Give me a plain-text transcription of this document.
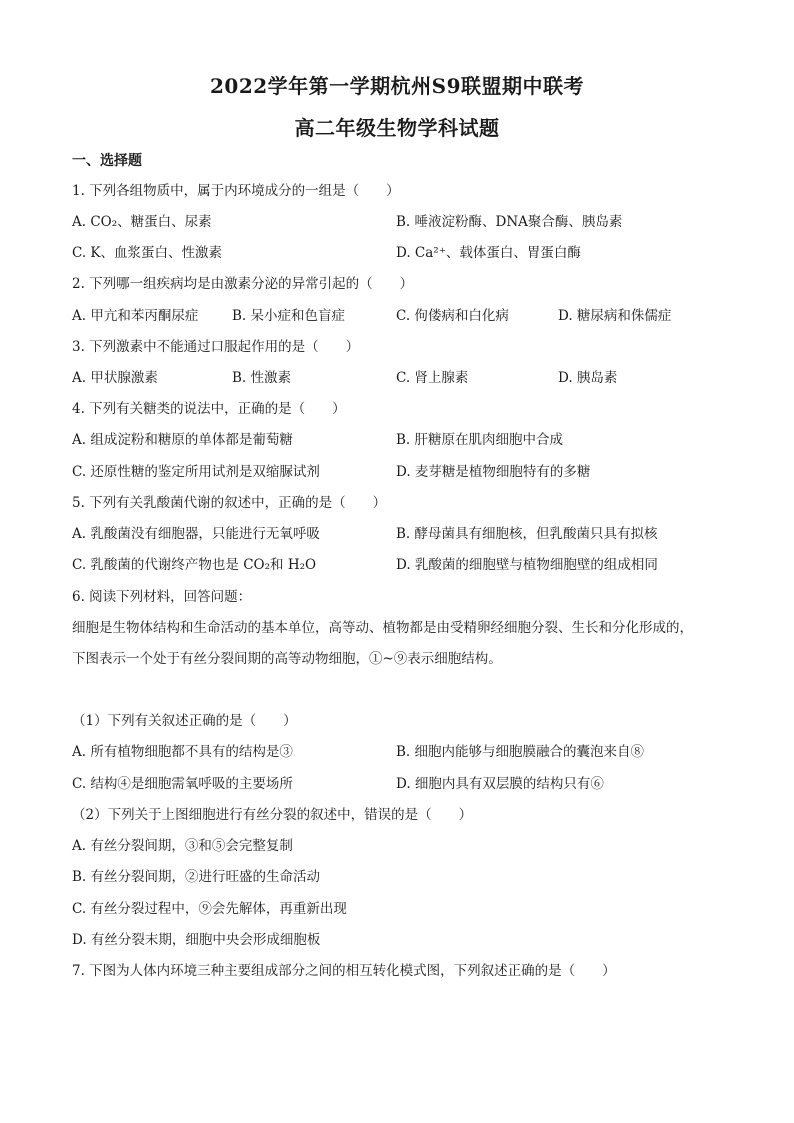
2022学年第一学期杭州S9联盟期中联考
高二年级生物学科试题
一、选择题
1. 下列各组物质中，属于内环境成分的一组是（　　）
A. CO₂、糖蛋白、尿素	B. 唾液淀粉酶、DNA聚合酶、胰岛素
C. K、血浆蛋白、性激素	D. Ca²⁺、载体蛋白、胃蛋白酶
2. 下列哪一组疾病均是由激素分泌的异常引起的（　　）
A. 甲亢和苯丙酮尿症 B. 呆小症和色盲症	C. 佝偻病和白化病	D. 糖尿病和侏儒症
3. 下列激素中不能通过口服起作用的是（　　）
A. 甲状腺激素	B. 性激素	C. 肾上腺素	D. 胰岛素
4. 下列有关糖类的说法中，正确的是（　　）
A. 组成淀粉和糖原的单体都是葡萄糖	B. 肝糖原在肌肉细胞中合成
C. 还原性糖的鉴定所用试剂是双缩脲试剂	D. 麦芽糖是植物细胞特有的多糖
5. 下列有关乳酸菌代谢的叙述中，正确的是（　　）
A. 乳酸菌没有细胞器，只能进行无氧呼吸	B. 酵母菌具有细胞核，但乳酸菌只具有拟核
C. 乳酸菌的代谢终产物也是 CO₂和 H₂O	D. 乳酸菌的细胞壁与植物细胞壁的组成相同
6. 阅读下列材料，回答问题：
细胞是生物体结构和生命活动的基本单位，高等动、植物都是由受精卵经细胞分裂、生长和分化形成的，
下图表示一个处于有丝分裂间期的高等动物细胞，①~⑨表示细胞结构。
（1）下列有关叙述正确的是（　　）
A. 所有植物细胞都不具有的结构是③	B. 细胞内能够与细胞膜融合的囊泡来自⑧
C. 结构④是细胞需氧呼吸的主要场所	D. 细胞内具有双层膜的结构只有⑥
（2）下列关于上图细胞进行有丝分裂的叙述中，错误的是（　　）
A. 有丝分裂间期，③和⑤会完整复制
B. 有丝分裂间期，②进行旺盛的生命活动
C. 有丝分裂过程中，⑨会先解体，再重新出现
D. 有丝分裂末期，细胞中央会形成细胞板
7. 下图为人体内环境三种主要组成部分之间的相互转化模式图，下列叙述正确的是（　　）
